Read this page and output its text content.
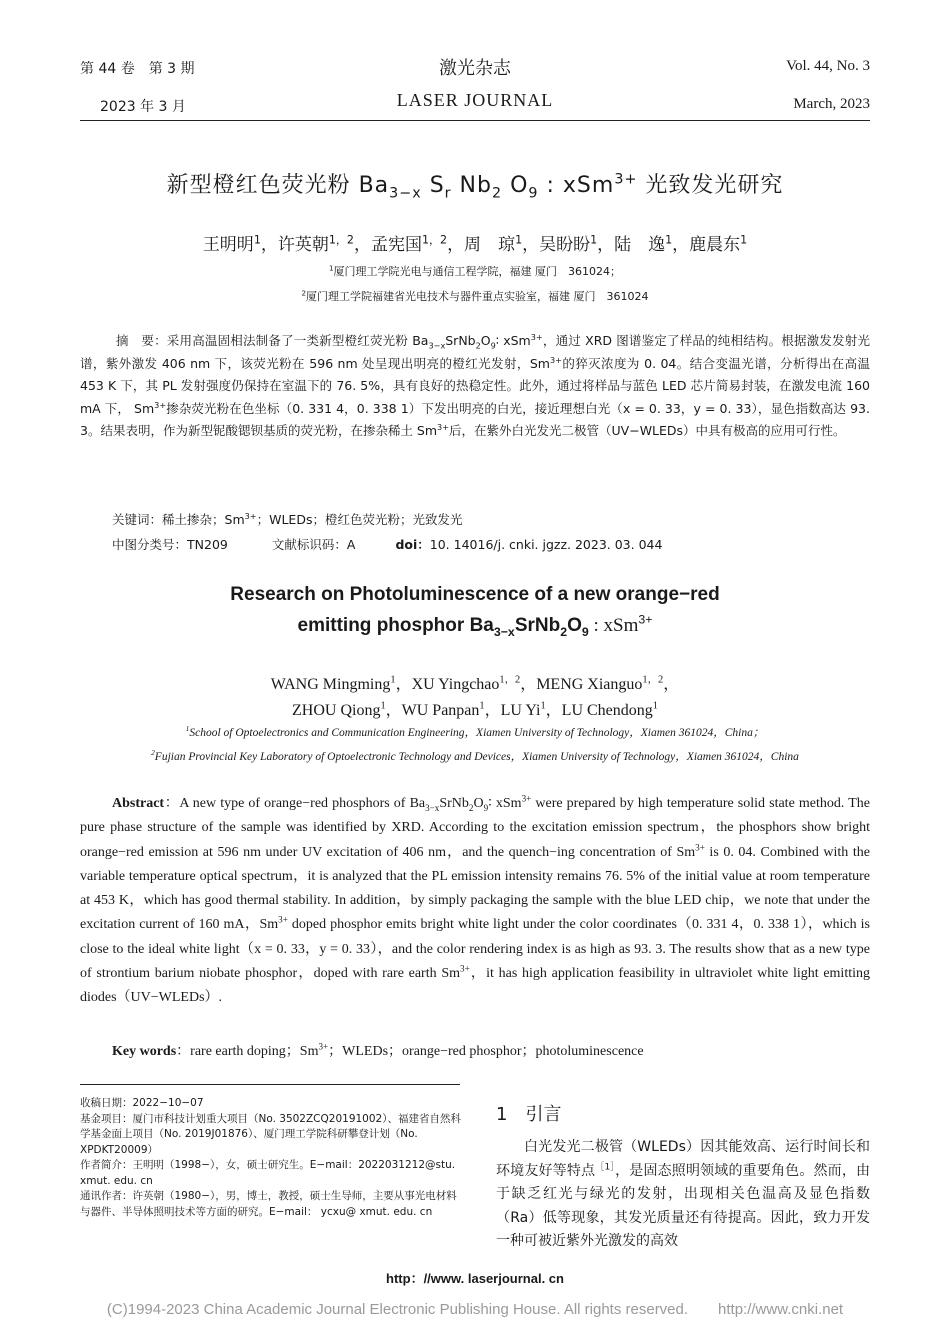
第 44 卷　第 3 期	激光杂志	Vol. 44, No. 3
2023 年 3 月	LASER JOURNAL	March, 2023
新型橙红色荧光粉 $Ba_{3-x}$ $S_r$ $Nb_2$ $O_9$ : xSm$^{3+}$ 光致发光研究
王明明$^1$，许英朝$^{1,2}$，孟宪国$^{1,2}$，周　琼$^1$，吴盼盼$^1$，陆　逸$^1$，鹿晨东$^1$
$^1$厦门理工学院光电与通信工程学院，福建 厦门　361024；
$^2$厦门理工学院福建省光电技术与器件重点实验室，福建 厦门　361024
摘　要：采用高温固相法制备了一类新型橙红荧光粉 $Ba_{3-x}SrNb_2O_9∶$ xSm$^{3+}$，通过 XRD 图谱鉴定了样品的纯相结构。根据激发发射光谱，紫外激发 406 nm 下，该荧光粉在 596 nm 处呈现出明亮的橙红光发射，$Sm^{3+}$的猝灭浓度为 0. 04。结合变温光谱，分析得出在高温 453 K 下，其 PL 发射强度仍保持在室温下的 76. 5%，具有良好的热稳定性。此外，通过将样品与蓝色 LED 芯片简易封装，在激发电流 160 mA 下， $Sm^{3+}$掺杂荧光粉在色坐标（0. 331 4，0. 338 1）下发出明亮的白光，接近理想白光（x = 0. 33，y = 0. 33），显色指数高达 93. 3。结果表明，作为新型铌酸锶钡基质的荧光粉，在掺杂稀土 $Sm^{3+}$后，在紫外白光发光二极管（UV−WLEDs）中具有极高的应用可行性。
关键词：稀土掺杂；$Sm^{3+}$；WLEDs；橙红色荧光粉；光致发光
中图分类号：TN209	文献标识码：A	doi：10. 14016/j. cnki. jgzz. 2023. 03. 044
Research on Photoluminescence of a new orange−red
emitting phosphor $Ba_{3-x}SrNb_2O_9$ : xSm$^{3+}$
WANG Mingming$^1$，XU Yingchao$^{1,2}$，MENG Xianguo$^{1,2}$，
ZHOU Qiong$^1$，WU Panpan$^1$，LU Yi$^1$，LU Chendong$^1$
$^1$School of Optoelectronics and Communication Engineering，Xiamen University of Technology，Xiamen 361024，China；
$^2$Fujian Provincial Key Laboratory of Optoelectronic Technology and Devices，Xiamen University of Technology，Xiamen 361024，China
Abstract：A new type of orange−red phosphors of $Ba_{3-x}SrNb_2O_9∶$ xSm$^{3+}$ were prepared by high temperature solid state method. The pure phase structure of the sample was identified by XRD. According to the excitation emission spectrum，the phosphors show bright orange−red emission at 596 nm under UV excitation of 406 nm，and the quench−ing concentration of $Sm^{3+}$ is 0. 04. Combined with the variable temperature optical spectrum，it is analyzed that the PL emission intensity remains 76. 5% of the initial value at room temperature at 453 K，which has good thermal stability. In addition，by simply packaging the sample with the blue LED chip，we note that under the excitation current of 160 mA，$Sm^{3+}$ doped phosphor emits bright white light under the color coordinates（0. 331 4，0. 338 1），which is close to the ideal white light（x = 0. 33，y = 0. 33），and the color rendering index is as high as 93. 3. The results show that as a new type of strontium barium niobate phosphor，doped with rare earth $Sm^{3+}$，it has high application feasibility in ultraviolet white light emitting diodes（UV−WLEDs）.
Key words：rare earth doping；$Sm^{3+}$；WLEDs；orange−red phosphor；photoluminescence
收稿日期：2022−10−07
基金项目：厦门市科技计划重大项目（No. 3502ZCQ20191002）、福建省自然科学基金面上项目（No. 2019J01876）、厦门理工学院科研攀登计划（No. XPDKT20009）
作者简介：王明明（1998−），女，硕士研究生。E−mail：2022031212@stu. xmut. edu. cn
通讯作者：许英朝（1980−），男，博士，教授，硕士生导师，主要从事光电材料与器件、半导体照明技术等方面的研究。E−mail： ycxu@ xmut. edu. cn
1 引言
白光发光二极管（WLEDs）因其能效高、运行时间长和环境友好等特点$^{[1]}$，是固态照明领域的重要角色。然而，由于缺乏红光与绿光的发射，出现相关色温高及显色指数（Ra）低等现象，其发光质量还有待提高。因此，致力开发一种可被近紫外光激发的高效
http：//www. laserjournal. cn
(C)1994-2023 China Academic Journal Electronic Publishing House. All rights reserved.　　http://www.cnki.net
